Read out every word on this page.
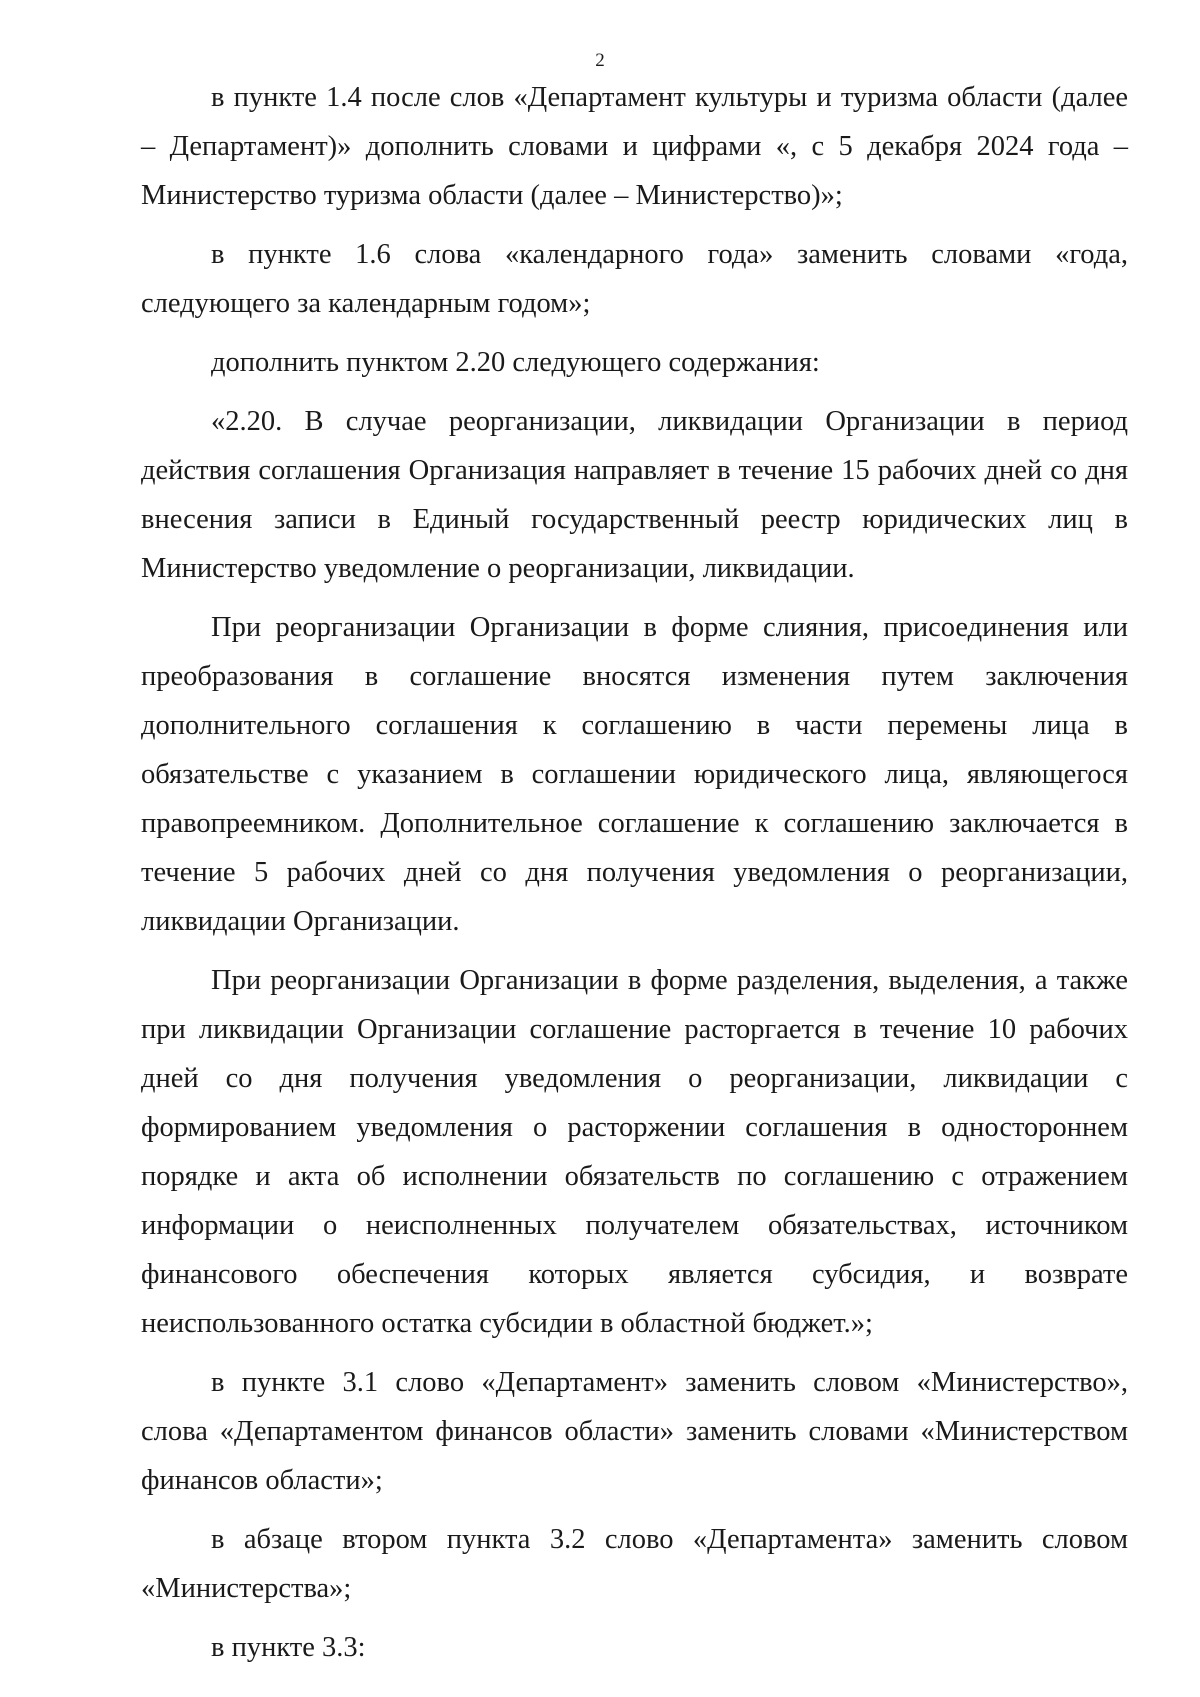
2

в пункте 1.4 после слов «Департамент культуры и туризма области (далее – Департамент)» дополнить словами и цифрами «, с 5 декабря 2024 года – Министерство туризма области (далее – Министерство)»;

в пункте 1.6 слова «календарного года» заменить словами «года, следующего за календарным годом»;

дополнить пунктом 2.20 следующего содержания:

«2.20. В случае реорганизации, ликвидации Организации в период действия соглашения Организация направляет в течение 15 рабочих дней со дня внесения записи в Единый государственный реестр юридических лиц в Министерство уведомление о реорганизации, ликвидации.

При реорганизации Организации в форме слияния, присоединения или преобразования в соглашение вносятся изменения путем заключения дополнительного соглашения к соглашению в части перемены лица в обязательстве с указанием в соглашении юридического лица, являющегося правопреемником. Дополнительное соглашение к соглашению заключается в течение 5 рабочих дней со дня получения уведомления о реорганизации, ликвидации Организации.

При реорганизации Организации в форме разделения, выделения, а также при ликвидации Организации соглашение расторгается в течение 10 рабочих дней со дня получения уведомления о реорганизации, ликвидации с формированием уведомления о расторжении соглашения в одностороннем порядке и акта об исполнении обязательств по соглашению с отражением информации о неисполненных получателем обязательствах, источником финансового обеспечения которых является субсидия, и возврате неиспользованного остатка субсидии в областной бюджет.»;

в пункте 3.1 слово «Департамент» заменить словом «Министерство», слова «Департаментом финансов области» заменить словами «Министерством финансов области»;

в абзаце втором пункта 3.2 слово «Департамента» заменить словом «Министерства»;

в пункте 3.3:
